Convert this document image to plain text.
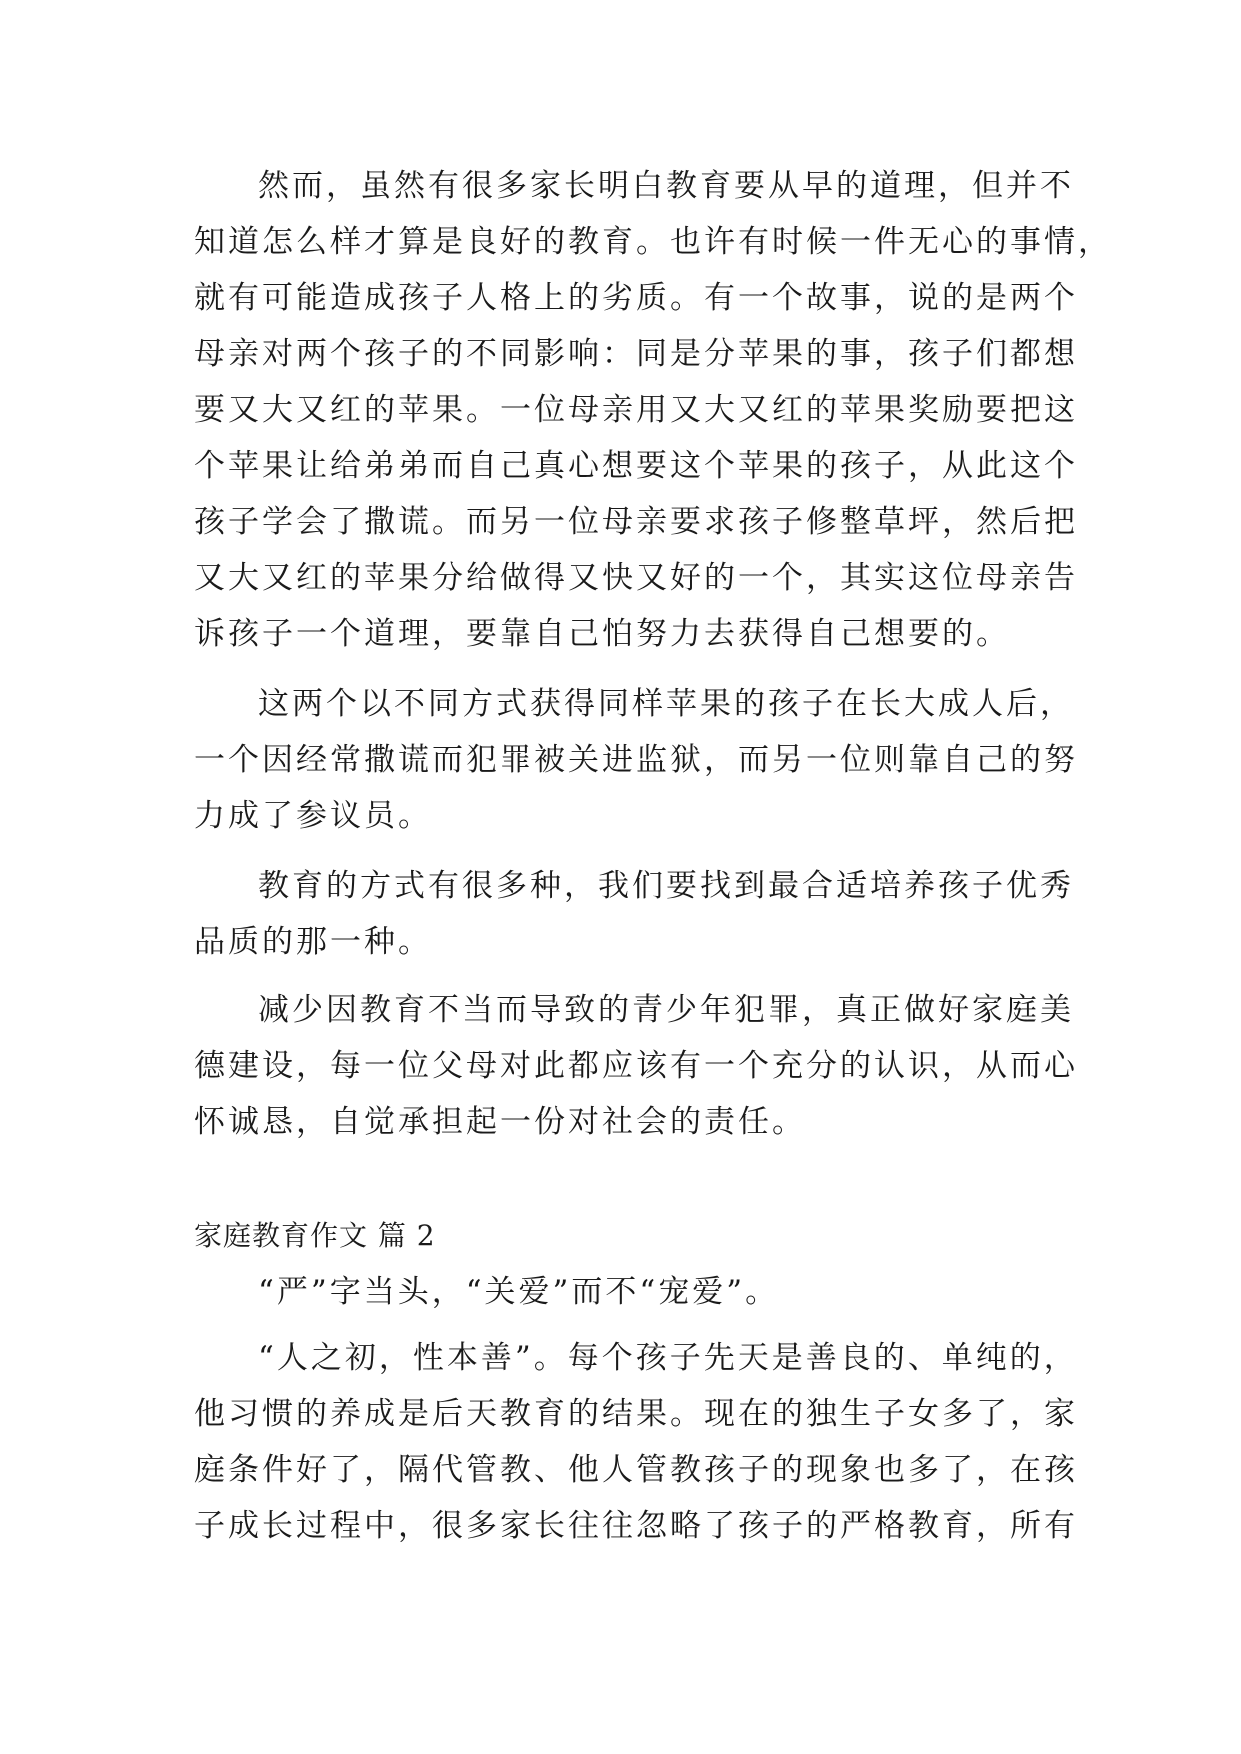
然而，虽然有很多家长明白教育要从早的道理，但并不
知道怎么样才算是良好的教育。也许有时候一件无心的事情，
就有可能造成孩子人格上的劣质。有一个故事，说的是两个
母亲对两个孩子的不同影响：同是分苹果的事，孩子们都想
要又大又红的苹果。一位母亲用又大又红的苹果奖励要把这
个苹果让给弟弟而自己真心想要这个苹果的孩子，从此这个
孩子学会了撒谎。而另一位母亲要求孩子修整草坪，然后把
又大又红的苹果分给做得又快又好的一个，其实这位母亲告
诉孩子一个道理，要靠自己怕努力去获得自己想要的。
这两个以不同方式获得同样苹果的孩子在长大成人后，
一个因经常撒谎而犯罪被关进监狱，而另一位则靠自己的努
力成了参议员。
教育的方式有很多种，我们要找到最合适培养孩子优秀
品质的那一种。
减少因教育不当而导致的青少年犯罪，真正做好家庭美
德建设，每一位父母对此都应该有一个充分的认识，从而心
怀诚恳，自觉承担起一份对社会的责任。
家庭教育作文 篇 2
“严”字当头，“关爱”而不“宠爱”。
“人之初，性本善”。每个孩子先天是善良的、单纯的，
他习惯的养成是后天教育的结果。现在的独生子女多了，家
庭条件好了，隔代管教、他人管教孩子的现象也多了，在孩
子成长过程中，很多家长往往忽略了孩子的严格教育，所有
